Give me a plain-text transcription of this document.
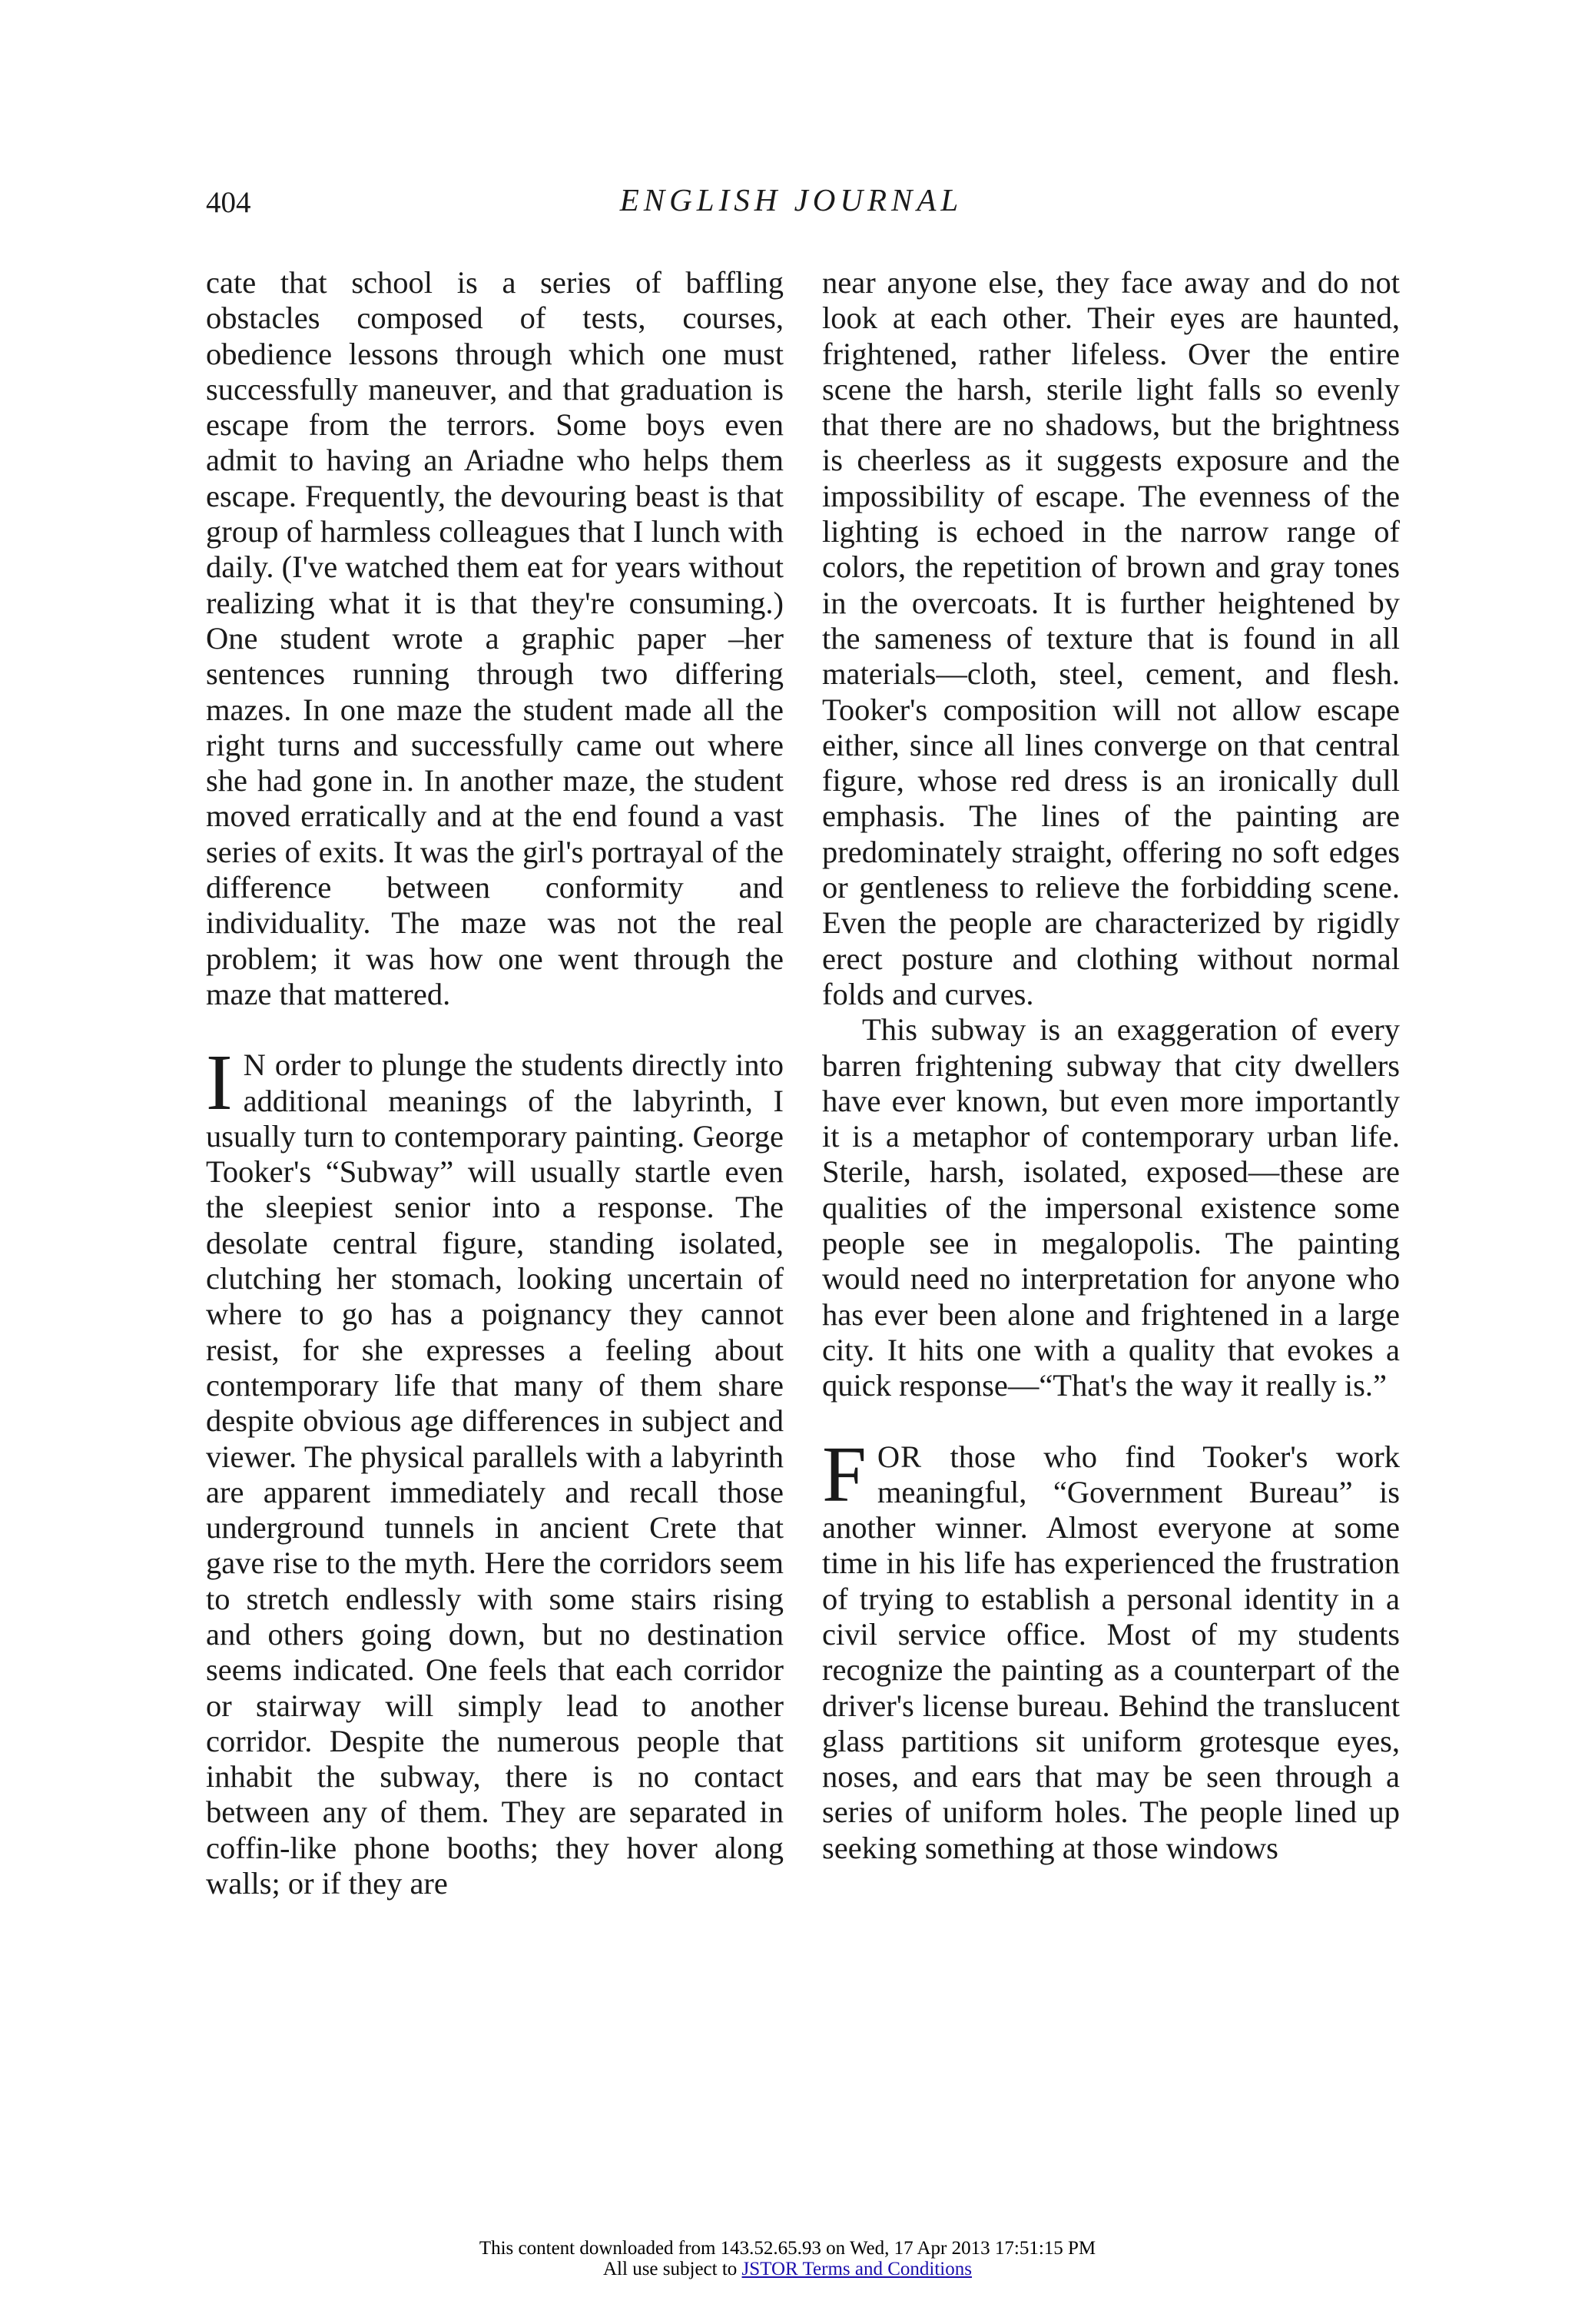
404	ENGLISH JOURNAL

cate that school is a series of baffling obstacles composed of tests, courses, obedience lessons through which one must successfully maneuver, and that graduation is escape from the terrors. Some boys even admit to having an Ariadne who helps them escape. Frequently, the devouring beast is that group of harmless colleagues that I lunch with daily. (I've watched them eat for years without realizing what it is that they're consuming.) One student wrote a graphic paper –her sentences running through two differing mazes. In one maze the student made all the right turns and successfully came out where she had gone in. In another maze, the student moved erratically and at the end found a vast series of exits. It was the girl's portrayal of the difference between conformity and individuality. The maze was not the real problem; it was how one went through the maze that mattered.

I N order to plunge the students directly into additional meanings of the labyrinth, I usually turn to contemporary painting. George Tooker's “Subway” will usually startle even the sleepiest senior into a response. The desolate central figure, standing isolated, clutching her stomach, looking uncertain of where to go has a poignancy they cannot resist, for she expresses a feeling about contemporary life that many of them share despite obvious age differences in subject and viewer. The physical parallels with a labyrinth are apparent immediately and recall those underground tunnels in ancient Crete that gave rise to the myth. Here the corridors seem to stretch endlessly with some stairs rising and others going down, but no destination seems indicated. One feels that each corridor or stairway will simply lead to another corridor. Despite the numerous people that inhabit the subway, there is no contact between any of them. They are separated in coffin-like phone booths; they hover along walls; or if they are

near anyone else, they face away and do not look at each other. Their eyes are haunted, frightened, rather lifeless. Over the entire scene the harsh, sterile light falls so evenly that there are no shadows, but the brightness is cheerless as it suggests exposure and the impossibility of escape. The evenness of the lighting is echoed in the narrow range of colors, the repetition of brown and gray tones in the overcoats. It is further heightened by the sameness of texture that is found in all materials—cloth, steel, cement, and flesh. Tooker's composition will not allow escape either, since all lines converge on that central figure, whose red dress is an ironically dull emphasis. The lines of the painting are predominately straight, offering no soft edges or gentleness to relieve the forbidding scene. Even the people are characterized by rigidly erect posture and clothing without normal folds and curves.

This subway is an exaggeration of every barren frightening subway that city dwellers have ever known, but even more importantly it is a metaphor of contemporary urban life. Sterile, harsh, isolated, exposed—these are qualities of the impersonal existence some people see in megalopolis. The painting would need no interpretation for anyone who has ever been alone and frightened in a large city. It hits one with a quality that evokes a quick response—“That's the way it really is.”

FOR those who find Tooker's work meaningful, “Government Bureau” is another winner. Almost everyone at some time in his life has experienced the frustration of trying to establish a personal identity in a civil service office. Most of my students recognize the painting as a counterpart of the driver's license bureau. Behind the translucent glass partitions sit uniform grotesque eyes, noses, and ears that may be seen through a series of uniform holes. The people lined up seeking something at those windows

This content downloaded from 143.52.65.93 on Wed, 17 Apr 2013 17:51:15 PM
All use subject to JSTOR Terms and Conditions
